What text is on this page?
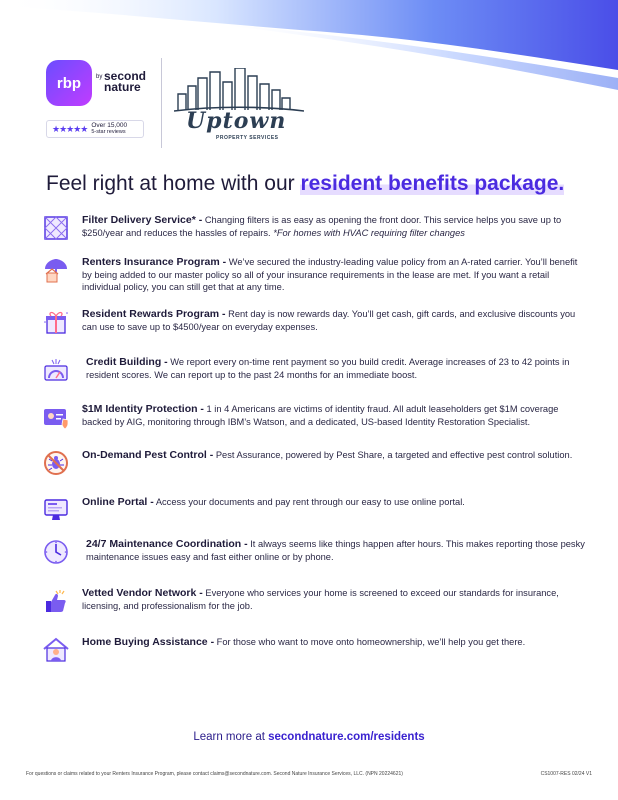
rbp	by second nature
★★★★★ Over 15,000
5-star reviews	Uptown
PROPERTY SERVICES
Feel right at home with our resident benefits package.
Filter Delivery Service* - Changing filters is as easy as opening the front door. This service helps you save up to $250/year and reduces the hassles of repairs. *For homes with HVAC requiring filter changes
Renters Insurance Program - We’ve secured the industry-leading value policy from an A-rated carrier. You’ll benefit by being added to our master policy so all of your insurance requirements in the lease are met. If you want a retail individual policy, you can still get that at any time.
Resident Rewards Program - Rent day is now rewards day. You’ll get cash, gift cards, and exclusive discounts you can use to save up to $4500/year on everyday expenses.
Credit Building - We report every on-time rent payment so you build credit. Average increases of 23 to 42 points in resident scores. We can report up to the past 24 months for an immediate boost.
$1M Identity Protection - 1 in 4 Americans are victims of identity fraud. All adult leaseholders get $1M coverage backed by AIG, monitoring through IBM’s Watson, and a dedicated, US-based Identity Restoration Specialist.
On-Demand Pest Control - Pest Assurance, powered by Pest Share, a targeted and effective pest control solution.
Online Portal - Access your documents and pay rent through our easy to use online portal.
24/7 Maintenance Coordination - It always seems like things happen after hours. This makes reporting those pesky maintenance issues easy and fast either online or by phone.
Vetted Vendor Network - Everyone who services your home is screened to exceed our standards for insurance, licensing, and professionalism for the job.
Home Buying Assistance - For those who want to move onto homeownership, we’ll help you get there.
Learn more at secondnature.com/residents
For questions or claims related to your Renters Insurance Program, please contact claims@secondnature.com. Second Nature Insurance Services, LLC. (NPN 20224621)	CS1007-RES 02/24 V1
